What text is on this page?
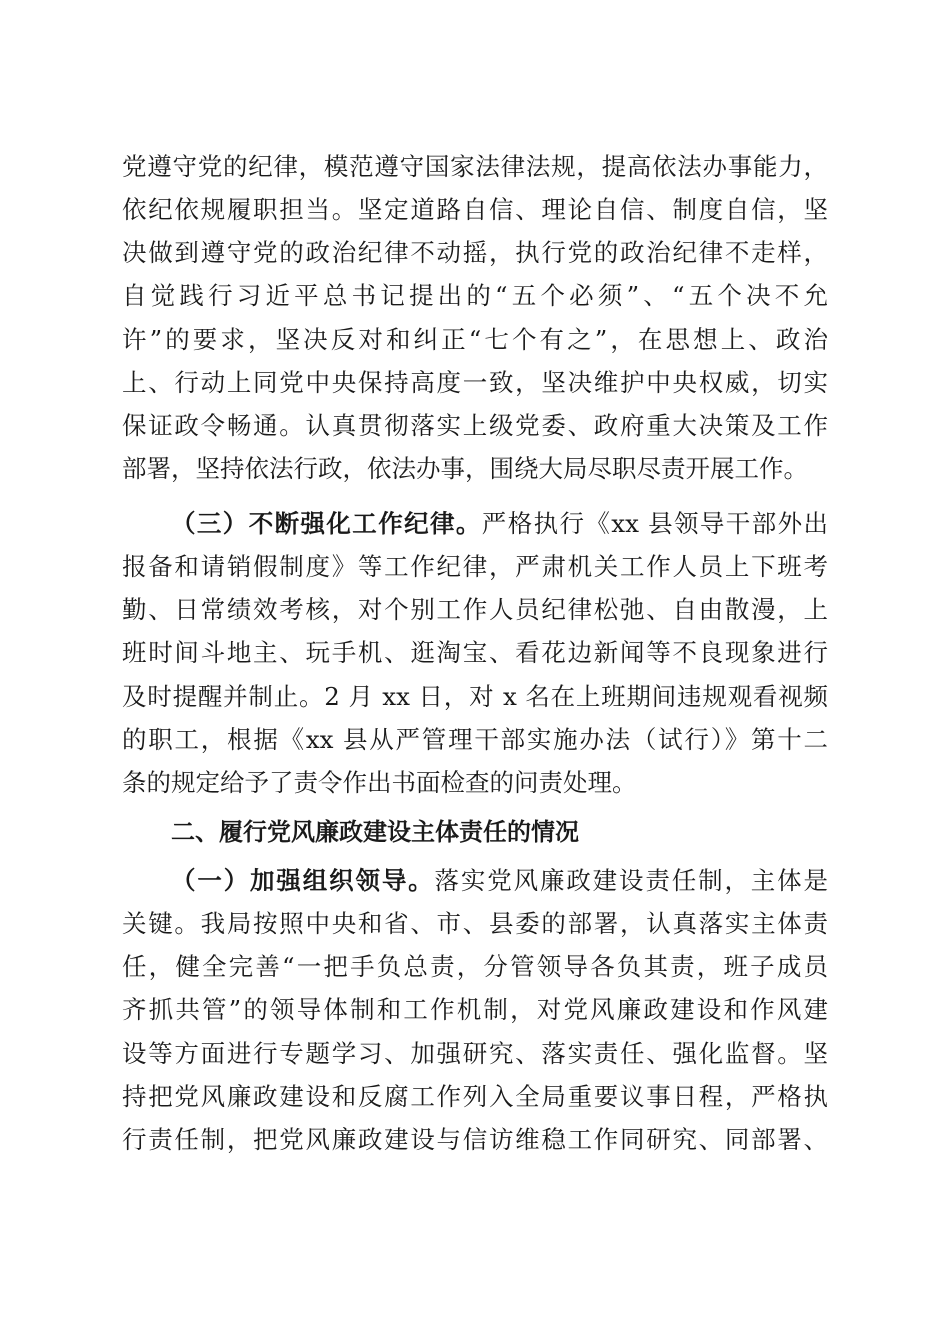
党遵守党的纪律，模范遵守国家法律法规，提高依法办事能力，
依纪依规履职担当。坚定道路自信、理论自信、制度自信，坚
决做到遵守党的政治纪律不动摇，执行党的政治纪律不走样，
自觉践行习近平总书记提出的“五个必须”、“五个决不允
许”的要求，坚决反对和纠正“七个有之”，在思想上、政治
上、行动上同党中央保持高度一致，坚决维护中央权威，切实
保证政令畅通。认真贯彻落实上级党委、政府重大决策及工作
部署，坚持依法行政，依法办事，围绕大局尽职尽责开展工作。
（三）不断强化工作纪律。严格执行《xx 县领导干部外出
报备和请销假制度》等工作纪律，严肃机关工作人员上下班考
勤、日常绩效考核，对个别工作人员纪律松弛、自由散漫，上
班时间斗地主、玩手机、逛淘宝、看花边新闻等不良现象进行
及时提醒并制止。2 月 xx 日，对 x 名在上班期间违规观看视频
的职工，根据《xx 县从严管理干部实施办法（试行）》第十二
条的规定给予了责令作出书面检查的问责处理。
二、履行党风廉政建设主体责任的情况
（一）加强组织领导。落实党风廉政建设责任制，主体是
关键。我局按照中央和省、市、县委的部署，认真落实主体责
任，健全完善“一把手负总责，分管领导各负其责，班子成员
齐抓共管”的领导体制和工作机制，对党风廉政建设和作风建
设等方面进行专题学习、加强研究、落实责任、强化监督。坚
持把党风廉政建设和反腐工作列入全局重要议事日程，严格执
行责任制，把党风廉政建设与信访维稳工作同研究、同部署、
